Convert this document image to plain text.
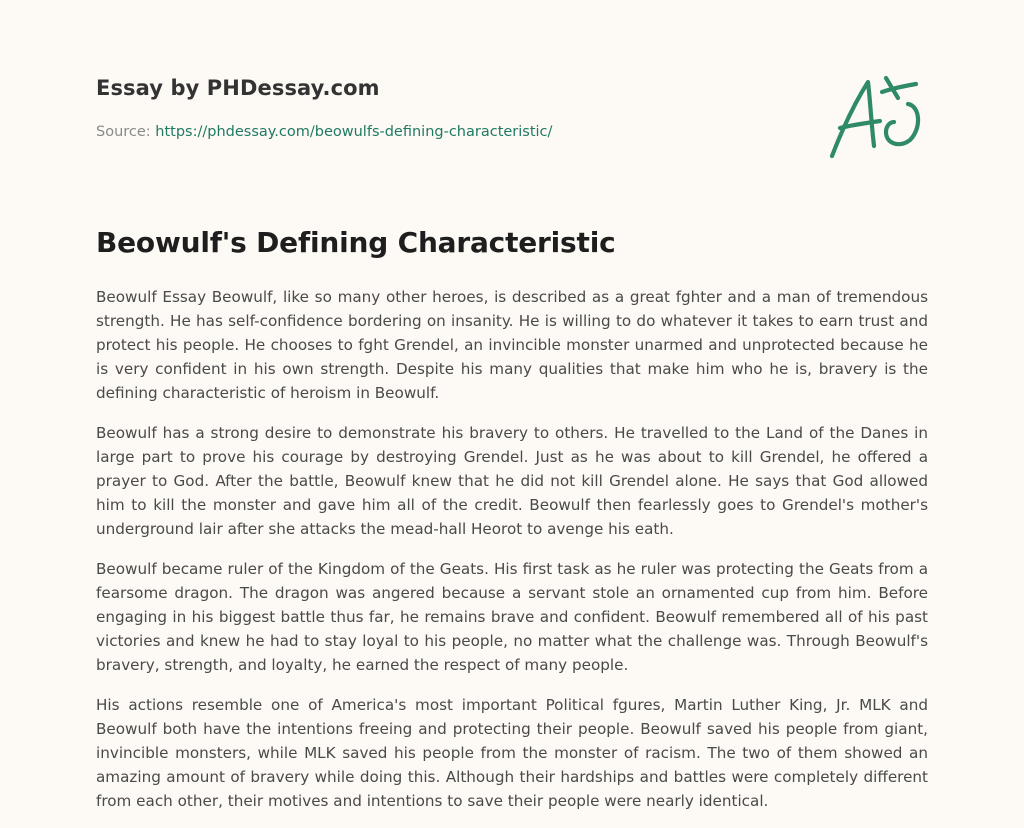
Essay by PHDessay.com
Source: https://phdessay.com/beowulfs-defining-characteristic/
Beowulf's Defining Characteristic

Beowulf Essay Beowulf, like so many other heroes, is described as a great fghter and a man of tremendous strength. He has self-confidence bordering on insanity. He is willing to do whatever it takes to earn trust and protect his people. He chooses to fght Grendel, an invincible monster unarmed and unprotected because he is very confident in his own strength. Despite his many qualities that make him who he is, bravery is the defining characteristic of heroism in Beowulf.

Beowulf has a strong desire to demonstrate his bravery to others. He travelled to the Land of the Danes in large part to prove his courage by destroying Grendel. Just as he was about to kill Grendel, he offered a prayer to God. After the battle, Beowulf knew that he did not kill Grendel alone. He says that God allowed him to kill the monster and gave him all of the credit. Beowulf then fearlessly goes to Grendel's mother's underground lair after she attacks the mead-hall Heorot to avenge his eath.

Beowulf became ruler of the Kingdom of the Geats. His first task as he ruler was protecting the Geats from a fearsome dragon. The dragon was angered because a servant stole an ornamented cup from him. Before engaging in his biggest battle thus far, he remains brave and confident. Beowulf remembered all of his past victories and knew he had to stay loyal to his people, no matter what the challenge was. Through Beowulf's bravery, strength, and loyalty, he earned the respect of many people.

His actions resemble one of America's most important Political fgures, Martin Luther King, Jr. MLK and Beowulf both have the intentions freeing and protecting their people. Beowulf saved his people from giant, invincible monsters, while MLK saved his people from the monster of racism. The two of them showed an amazing amount of bravery while doing this. Although their hardships and battles were completely different from each other, their motives and intentions to save their people were nearly identical.
